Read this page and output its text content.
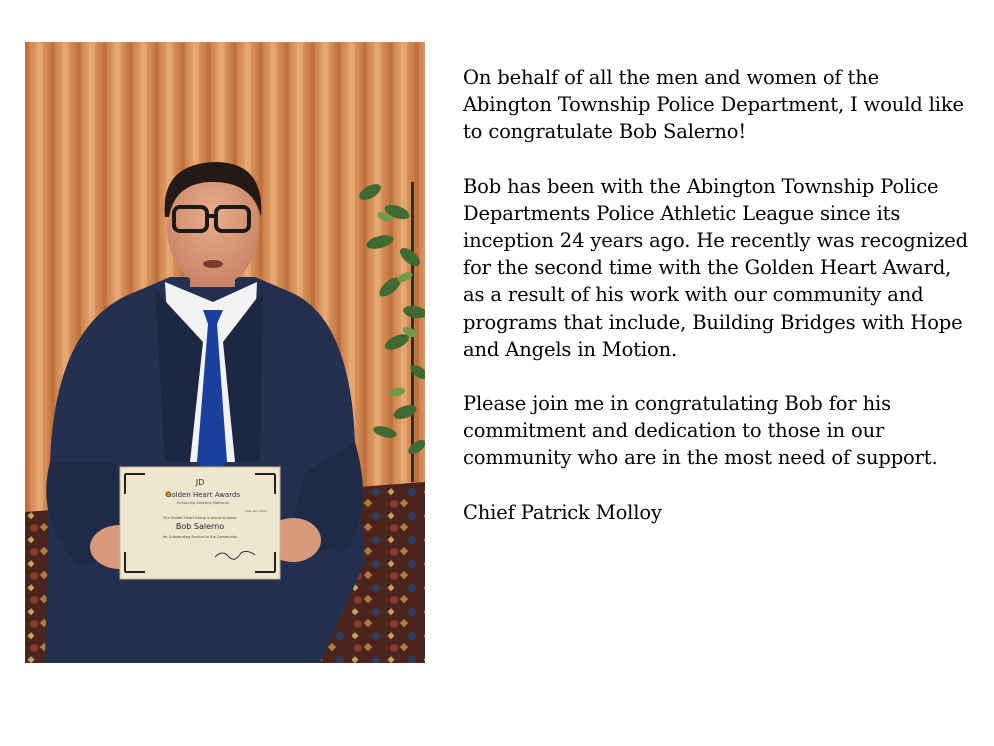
JD
Golden Heart Awards
Enhancing Amazing Moments
February 2024
The Golden Heart Group is proud to honor
Bob Salerno
for Outstanding Service to the Community

On behalf of all the men and women of the Abington Township Police Department, I would like to congratulate Bob Salerno!

Bob has been with the Abington Township Police Departments Police Athletic League since its inception 24 years ago. He recently was recognized for the second time with the Golden Heart Award, as a result of his work with our community and programs that include, Building Bridges with Hope and Angels in Motion.

Please join me in congratulating Bob for his commitment and dedication to those in our community who are in the most need of support.

Chief Patrick Molloy
